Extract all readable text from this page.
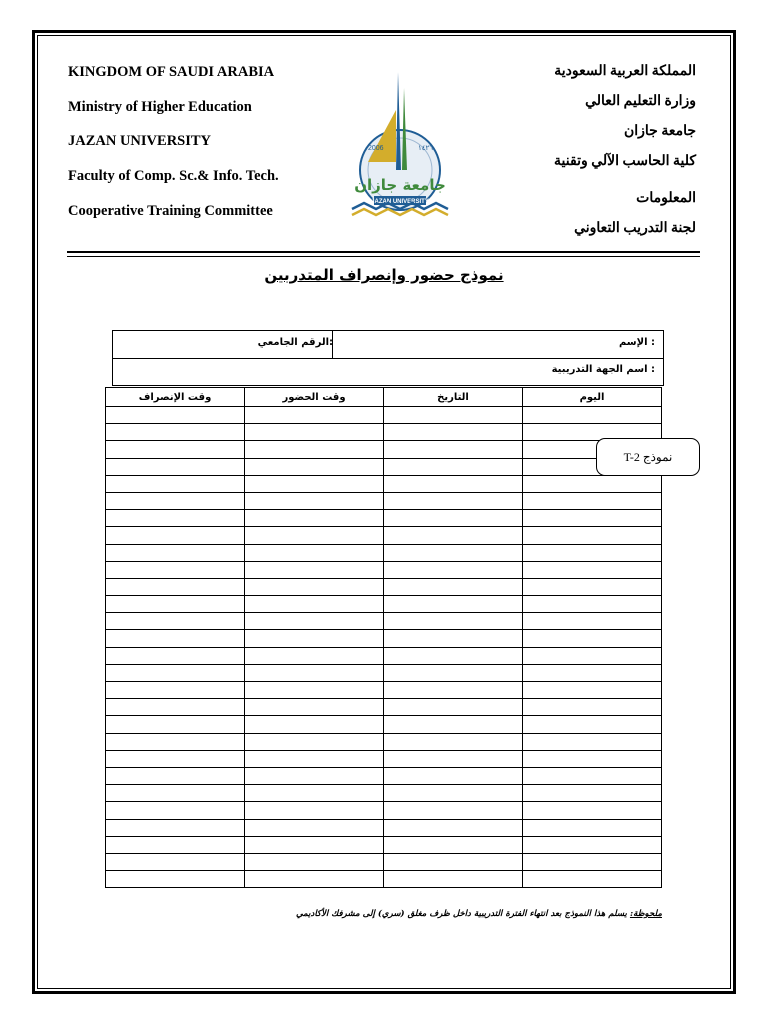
KINGDOM OF SAUDI ARABIA
Ministry of Higher Education
JAZAN UNIVERSITY
Faculty of Comp. Sc.& Info. Tech.
Cooperative Training Committee
2006	١٤٢٦
جامعة جازان
JAZAN UNIVERSITY
المملكة العربية السعودية
وزارة التعليم العالي
جامعة جازان
كلية الحاسب الآلي وتقنية
المعلومات
لجنة التدريب التعاوني
نموذج حضور وإنصراف المتدربين
: الإسم
:الرقم الجامعي
: اسم الجهة التدريبية
وقت الإنصراف	وقت الحضور	التاريخ	اليوم

نموذج T-2
ملحوظة: يسلم هذا النموذج بعد انتهاء الفترة التدريبية داخل ظرف مغلق (سري) إلى مشرفك الأكاديمي
